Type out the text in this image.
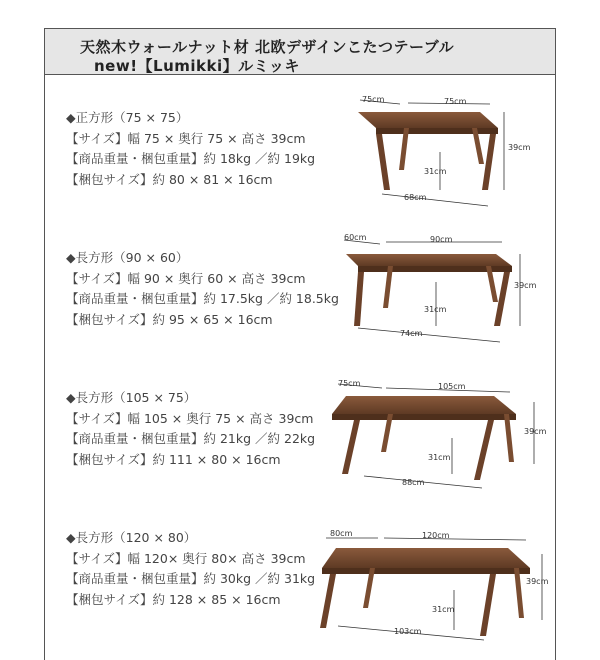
天然木ウォールナット材 北欧デザインこたつテーブル
new!【Lumikki】ルミッキ
◆正方形（75 × 75）
【サイズ】幅 75 × 奥行 75 × 高さ 39cm
【商品重量・梱包重量】約 18kg ／約 19kg
【梱包サイズ】約 80 × 81 × 16cm
75cm	75cm
39cm
31cm
68cm
◆長方形（90 × 60）
【サイズ】幅 90 × 奥行 60 × 高さ 39cm
【商品重量・梱包重量】約 17.5kg ／約 18.5kg
【梱包サイズ】約 95 × 65 × 16cm
60cm	90cm
39cm
31cm
74cm
◆長方形（105 × 75）
【サイズ】幅 105 × 奥行 75 × 高さ 39cm
【商品重量・梱包重量】約 21kg ／約 22kg
【梱包サイズ】約 111 × 80 × 16cm
75cm	105cm
39cm
31cm
88cm
◆長方形（120 × 80）
【サイズ】幅 120× 奥行 80× 高さ 39cm
【商品重量・梱包重量】約 30kg ／約 31kg
【梱包サイズ】約 128 × 85 × 16cm
80cm	120cm
39cm
31cm
103cm
